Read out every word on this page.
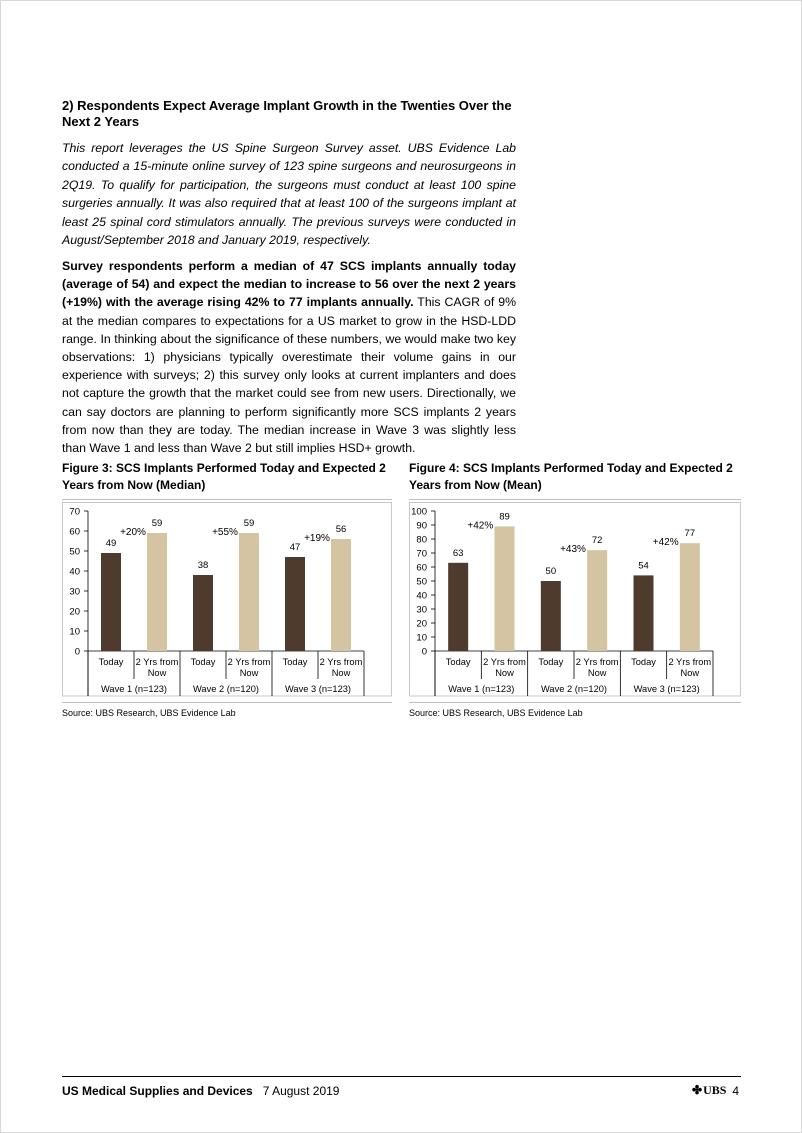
2) Respondents Expect Average Implant Growth in the Twenties Over the Next 2 Years
This report leverages the US Spine Surgeon Survey asset. UBS Evidence Lab conducted a 15-minute online survey of 123 spine surgeons and neurosurgeons in 2Q19. To qualify for participation, the surgeons must conduct at least 100 spine surgeries annually. It was also required that at least 100 of the surgeons implant at least 25 spinal cord stimulators annually. The previous surveys were conducted in August/September 2018 and January 2019, respectively.
Survey respondents perform a median of 47 SCS implants annually today (average of 54) and expect the median to increase to 56 over the next 2 years (+19%) with the average rising 42% to 77 implants annually. This CAGR of 9% at the median compares to expectations for a US market to grow in the HSD-LDD range. In thinking about the significance of these numbers, we would make two key observations: 1) physicians typically overestimate their volume gains in our experience with surveys; 2) this survey only looks at current implanters and does not capture the growth that the market could see from new users. Directionally, we can say doctors are planning to perform significantly more SCS implants 2 years from now than they are today. The median increase in Wave 3 was slightly less than Wave 1 and less than Wave 2 but still implies HSD+ growth.
Figure 3: SCS Implants Performed Today and Expected 2 Years from Now (Median)
0
10
20
30
40
50
60
70
49
Today
59
2 Yrs from
Now
+20%
Wave 1 (n=123)
38
Today
59
2 Yrs from
Now
+55%
Wave 2 (n=120)
47
Today
56
2 Yrs from
Now
+19%
Wave 3 (n=123)
Source: UBS Research, UBS Evidence Lab
Figure 4: SCS Implants Performed Today and Expected 2 Years from Now (Mean)
0
10
20
30
40
50
60
70
80
90
100
63
Today
89
2 Yrs from
Now
+42%
Wave 1 (n=123)
50
Today
72
2 Yrs from
Now
+43%
Wave 2 (n=120)
54
Today
77
2 Yrs from
Now
+42%
Wave 3 (n=123)
Source: UBS Research, UBS Evidence Lab
US Medical Supplies and Devices 7 August 2019	✤ UBS 4
